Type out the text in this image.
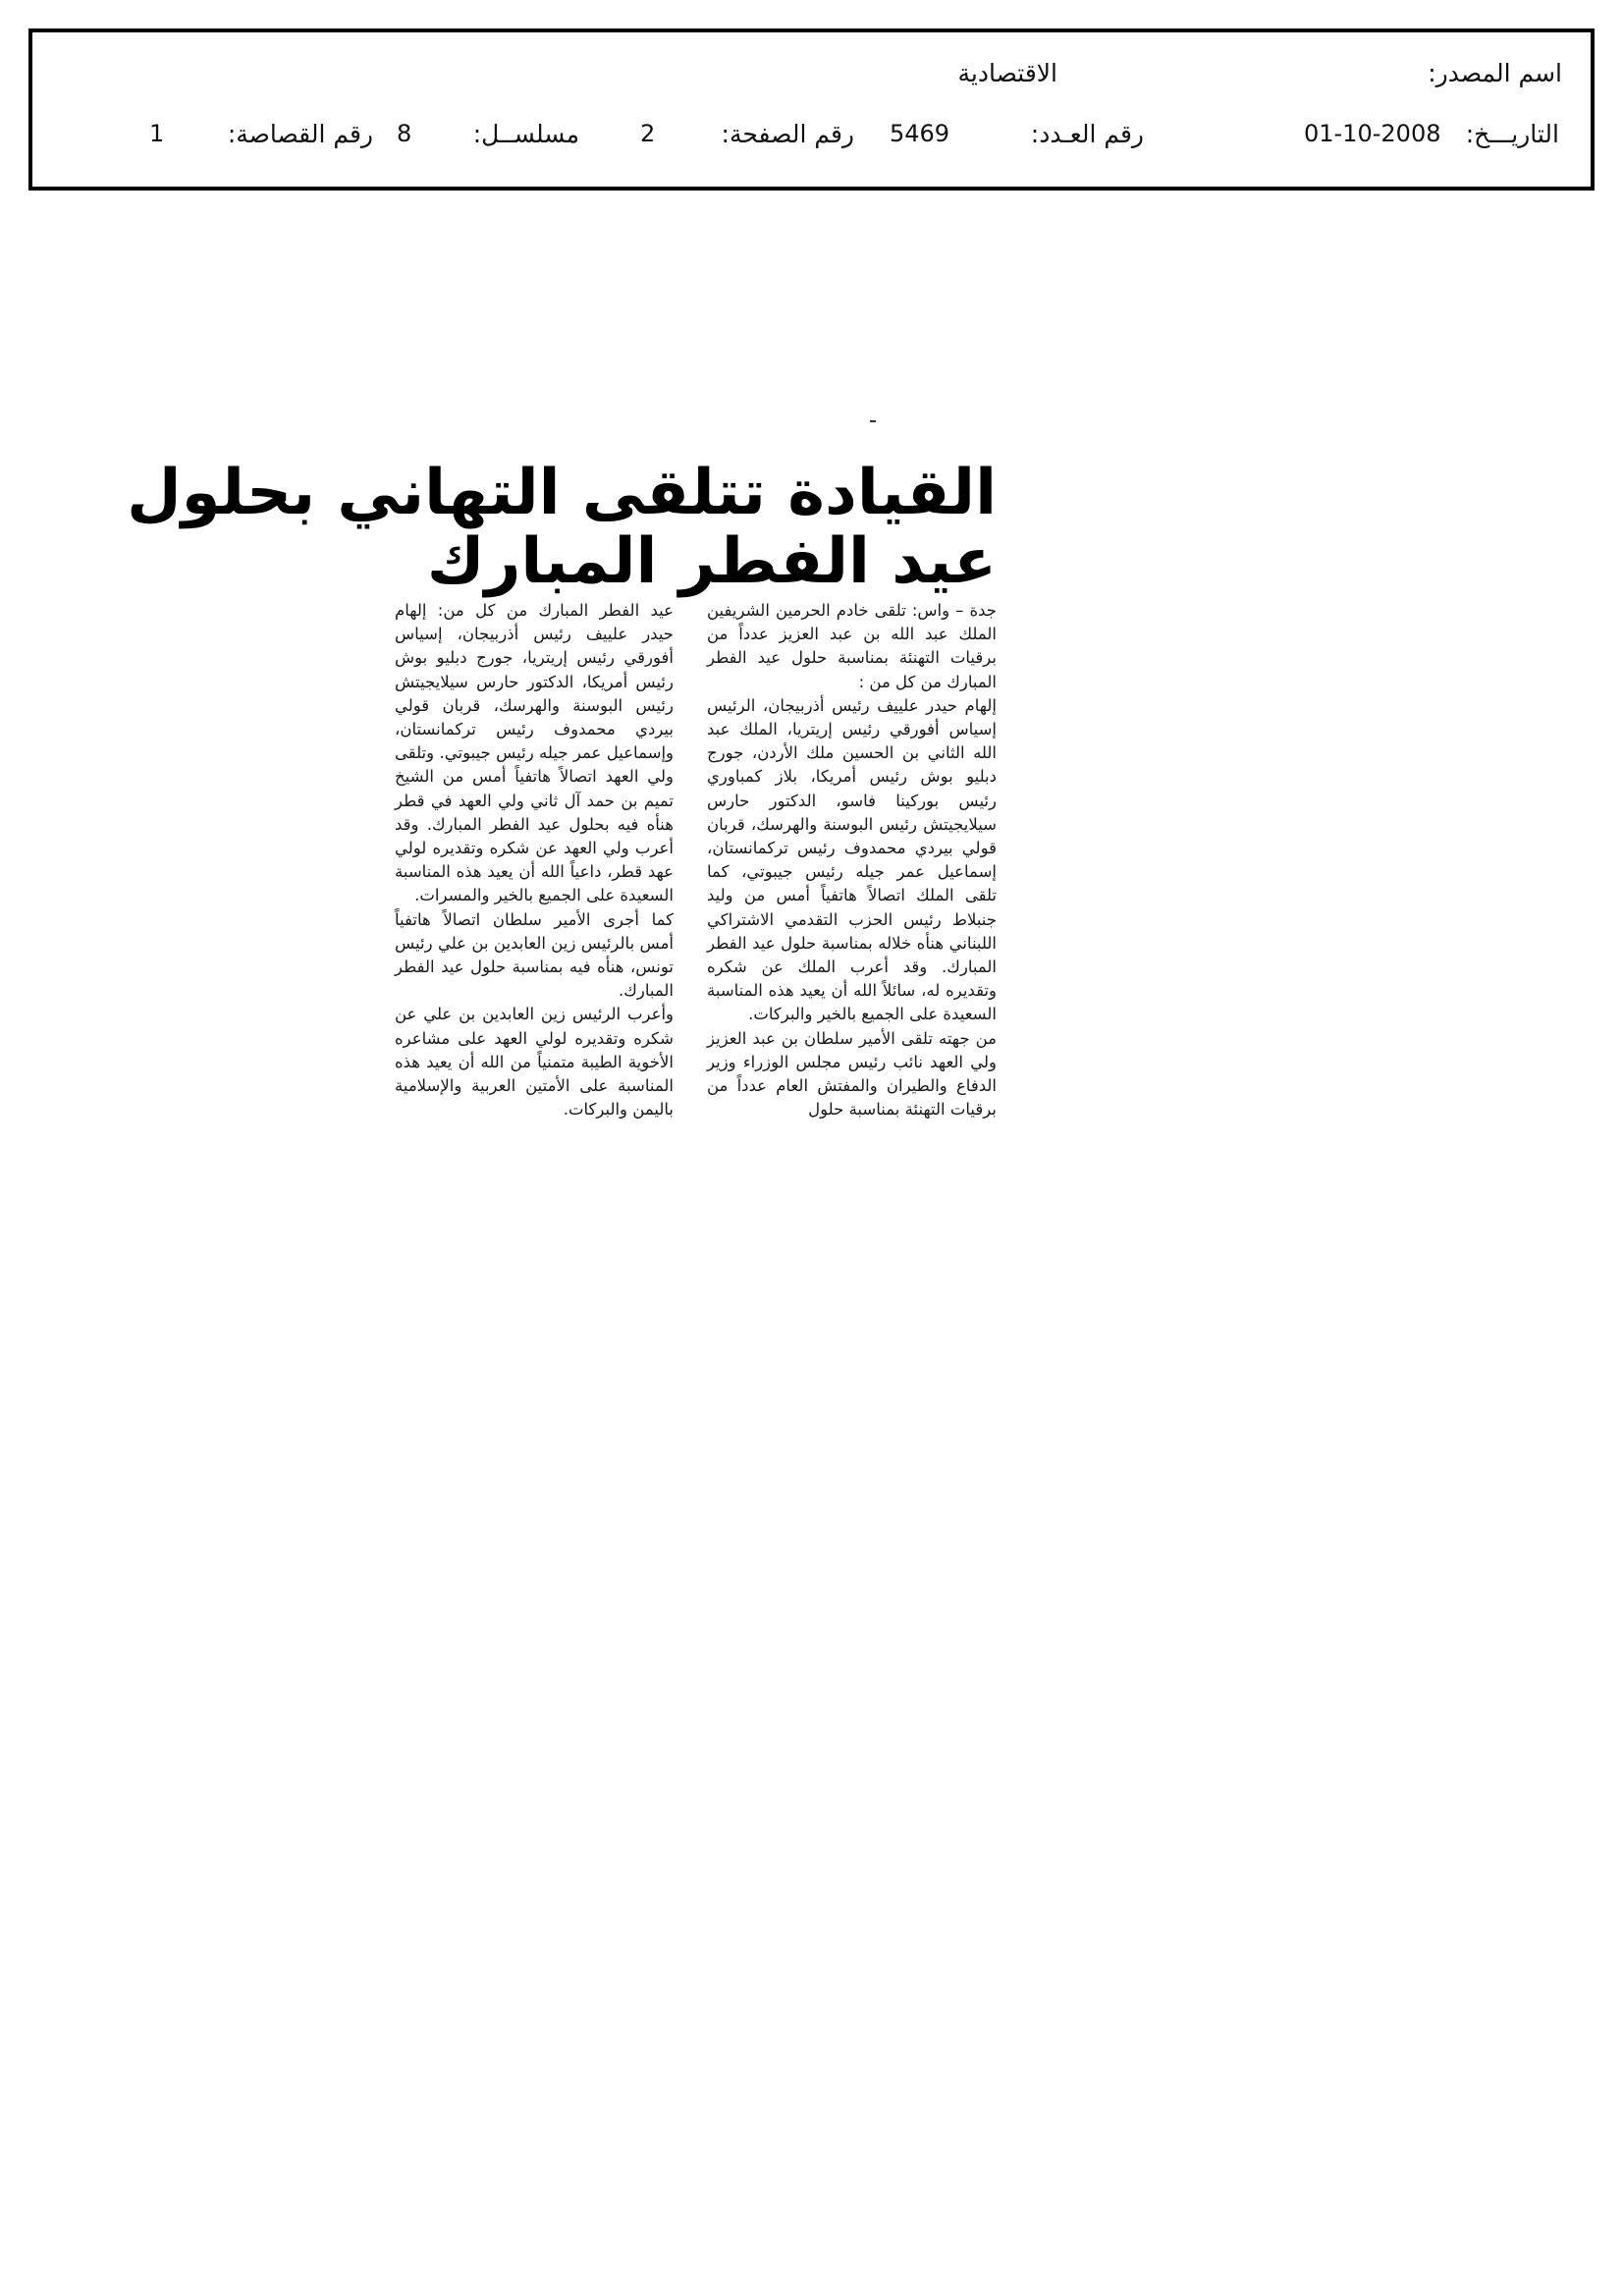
اسم المصدر:
الاقتصادية
التاريـــخ:
01-10-2008
رقم العـدد:
5469
رقم الصفحة:
2
مسلســل:
8
رقم القصاصة:
1
القيادة تتلقى التهاني بحلول
عيد الفطر المبارك

جدة – واس: تلقى خادم الحرمين الشريفين الملك عبد الله بن عبد العزيز عدداً من برقيات التهنئة بمناسبة حلول عيد الفطر المبارك من كل من :

إلهام حيدر علييف رئيس أذربيجان، الرئيس إسياس أفورقي رئيس إريتريا، الملك عبد الله الثاني بن الحسين ملك الأردن، جورج دبليو بوش رئيس أمريكا، بلاز كمباوري رئيس بوركينا فاسو، الدكتور حارس سيلايجيتش رئيس البوسنة والهرسك، قربان قولي بيردي محمدوف رئيس تركمانستان، إسماعيل عمر جيله رئيس جيبوتي، كما تلقى الملك اتصالاً هاتفياً أمس من وليد جنبلاط رئيس الحزب التقدمي الاشتراكي اللبناني هنأه خلاله بمناسبة حلول عيد الفطر المبارك. وقد أعرب الملك عن شكره وتقديره له، سائلاً الله أن يعيد هذه المناسبة السعيدة على الجميع بالخير والبركات.

من جهته تلقى الأمير سلطان بن عبد العزيز ولي العهد نائب رئيس مجلس الوزراء وزير الدفاع والطيران والمفتش العام عدداً من برقيات التهنئة بمناسبة حلول

عيد الفطر المبارك من كل من: إلهام حيدر علييف رئيس أذربيجان، إسياس أفورقي رئيس إريتريا، جورج دبليو بوش رئيس أمريكا، الدكتور حارس سيلايجيتش رئيس البوسنة والهرسك، قربان قولي بيردي محمدوف رئيس تركمانستان، وإسماعيل عمر جيله رئيس جيبوتي. وتلقى ولي العهد اتصالاً هاتفياً أمس من الشيخ تميم بن حمد آل ثاني ولي العهد في قطر هنأه فيه بحلول عيد الفطر المبارك. وقد أعرب ولي العهد عن شكره وتقديره لولي عهد قطر، داعياً الله أن يعيد هذه المناسبة السعيدة على الجميع بالخير والمسرات.

كما أجرى الأمير سلطان اتصالاً هاتفياً أمس بالرئيس زين العابدين بن علي رئيس تونس، هنأه فيه بمناسبة حلول عيد الفطر المبارك.

وأعرب الرئيس زين العابدين بن علي عن شكره وتقديره لولي العهد على مشاعره الأخوية الطيبة متمنياً من الله أن يعيد هذه المناسبة على الأمتين العربية والإسلامية باليمن والبركات.
